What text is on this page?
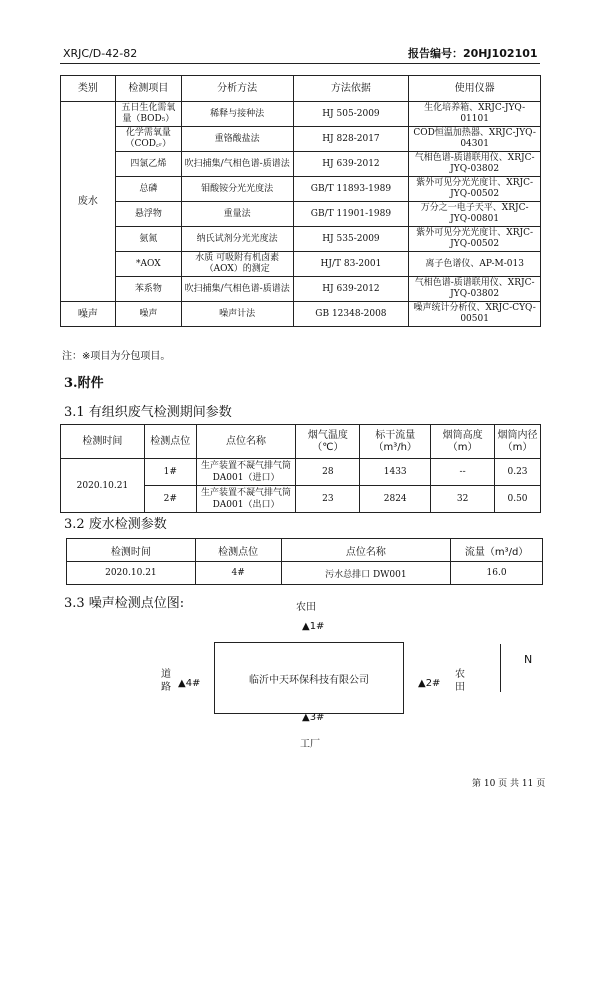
XRJC/D-42-82	报告编号：20HJ102101
类别	检测项目	分析方法	方法依据	使用仪器
废水	五日生化需氧量（BOD₅）	稀释与接种法	HJ 505-2009	生化培养箱、XRJC-JYQ-01101
	化学需氧量（COD꜀ᵣ）	重铬酸盐法	HJ 828-2017	COD恒温加热器、XRJC-JYQ-04301
	四氯乙烯	吹扫捕集/气相色谱-质谱法	HJ 639-2012	气相色谱-质谱联用仪、XRJC-JYQ-03802
	总磷	钼酸铵分光光度法	GB/T 11893-1989	紫外可见分光光度计、XRJC-JYQ-00502
	悬浮物	重量法	GB/T 11901-1989	万分之一电子天平、XRJC-JYQ-00801
	氨氮	纳氏试剂分光光度法	HJ 535-2009	紫外可见分光光度计、XRJC-JYQ-00502
	*AOX	水质 可吸附有机卤素（AOX）的测定	HJ/T 83-2001	离子色谱仪、AP-M-013
	苯系物	吹扫捕集/气相色谱-质谱法	HJ 639-2012	气相色谱-质谱联用仪、XRJC-JYQ-03802
噪声	噪声	噪声计法	GB 12348-2008	噪声统计分析仪、XRJC-CYQ-00501
注：※项目为分包项目。
3.附件
3.1 有组织废气检测期间参数
检测时间	检测点位	点位名称	烟气温度（℃）	标干流量（m³/h）	烟筒高度（m）	烟筒内径（m）
2020.10.21	1#	生产装置不凝气排气筒 DA001（进口）	28	1433	--	0.23
	2#	生产装置不凝气排气筒 DA001（出口）	23	2824	32	0.50
3.2 废水检测参数
检测时间	检测点位	点位名称	流量（m³/d）
2020.10.21	4#	污水总排口 DW001	16.0
3.3 噪声检测点位图:	农田
▲1#
临沂中天环保科技有限公司
道路 ▲4#	▲2#
农田
N
▲3#
工厂
第 10 页 共 11 页
